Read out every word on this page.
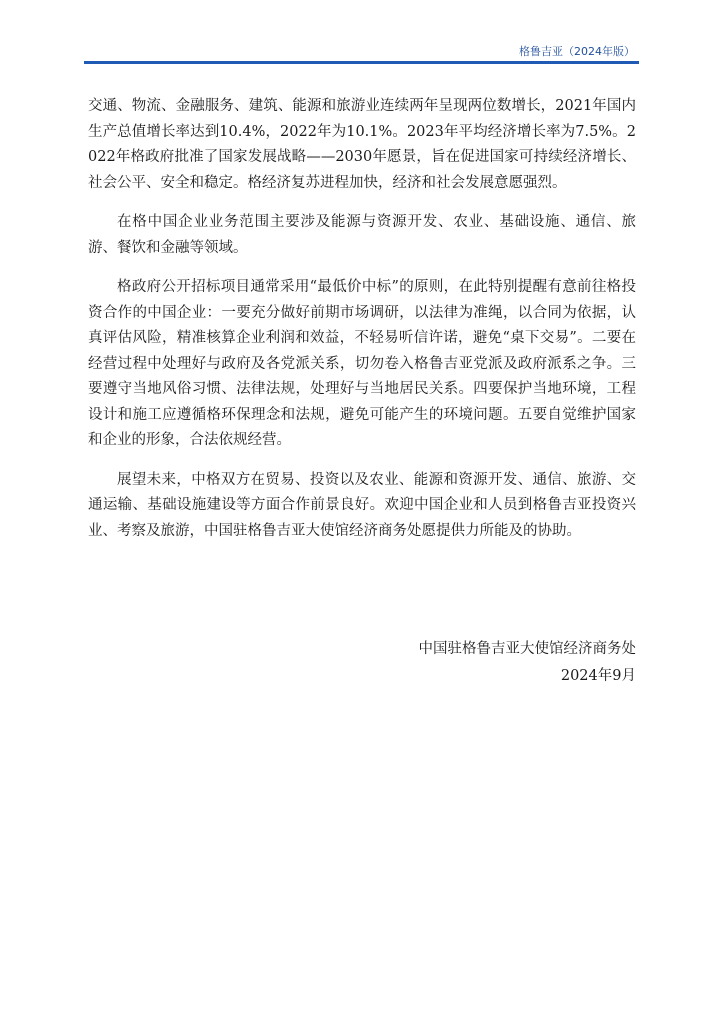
格鲁吉亚（2024年版）

交通、物流、金融服务、建筑、能源和旅游业连续两年呈现两位数增长，2021年国内生产总值增长率达到10.4%，2022年为10.1%。2023年平均经济增长率为7.5%。2022年格政府批准了国家发展战略——2030年愿景，旨在促进国家可持续经济增长、社会公平、安全和稳定。格经济复苏进程加快，经济和社会发展意愿强烈。

在格中国企业业务范围主要涉及能源与资源开发、农业、基础设施、通信、旅游、餐饮和金融等领域。

格政府公开招标项目通常采用“最低价中标”的原则，在此特别提醒有意前往格投资合作的中国企业：一要充分做好前期市场调研，以法律为准绳，以合同为依据，认真评估风险，精准核算企业利润和效益，不轻易听信许诺，避免“桌下交易”。二要在经营过程中处理好与政府及各党派关系，切勿卷入格鲁吉亚党派及政府派系之争。三要遵守当地风俗习惯、法律法规，处理好与当地居民关系。四要保护当地环境，工程设计和施工应遵循格环保理念和法规，避免可能产生的环境问题。五要自觉维护国家和企业的形象，合法依规经营。

展望未来，中格双方在贸易、投资以及农业、能源和资源开发、通信、旅游、交通运输、基础设施建设等方面合作前景良好。欢迎中国企业和人员到格鲁吉亚投资兴业、考察及旅游，中国驻格鲁吉亚大使馆经济商务处愿提供力所能及的协助。

中国驻格鲁吉亚大使馆经济商务处
2024年9月
